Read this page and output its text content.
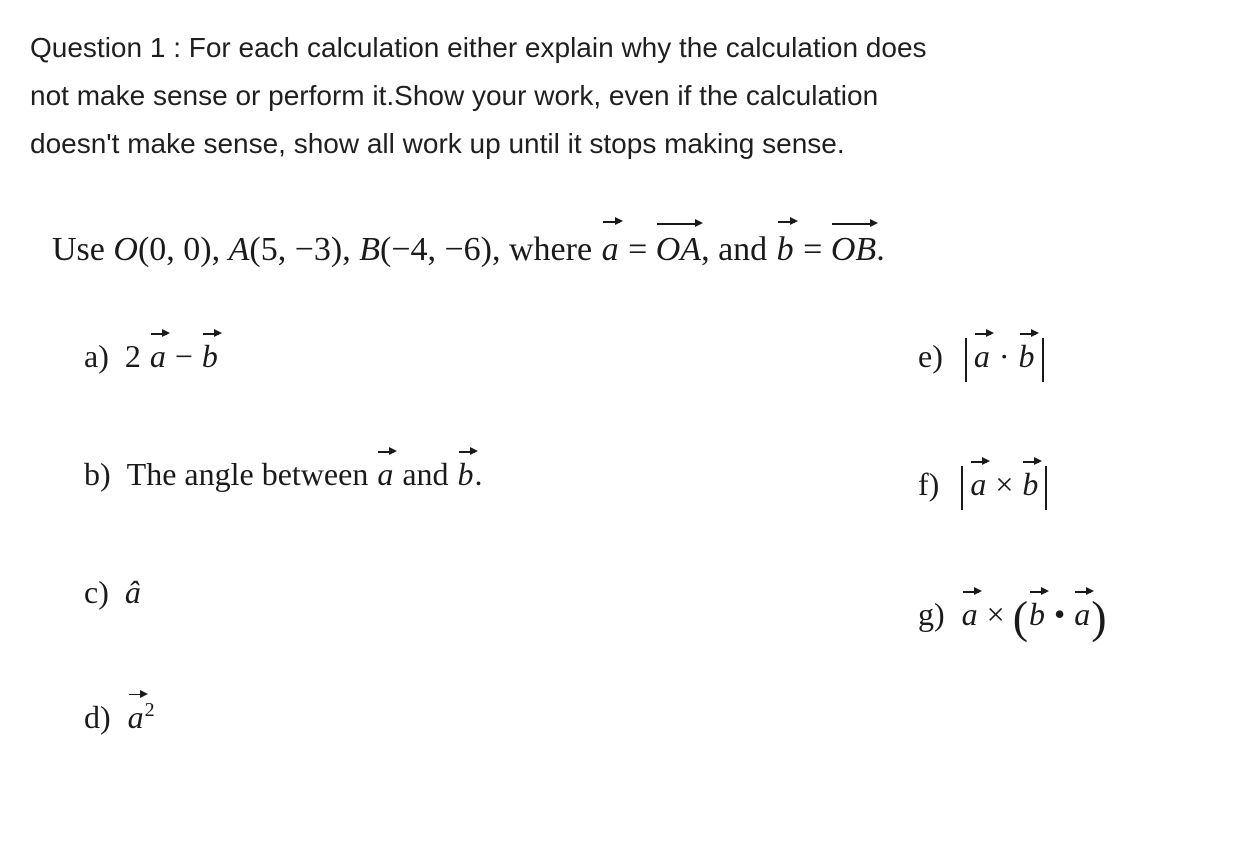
Question 1 : For each calculation either explain why the calculation does
not make sense or perform it.Show your work, even if the calculation
doesn't make sense, show all work up until it stops making sense.
Use O(0, 0), A(5, −3), B(−4, −6), where a = OA, and b = OB.
a) 2 a − b
b) The angle between a and b.
c) â
d) $a^2$
e) a · b
f) a × b
g) a × (b • a)
